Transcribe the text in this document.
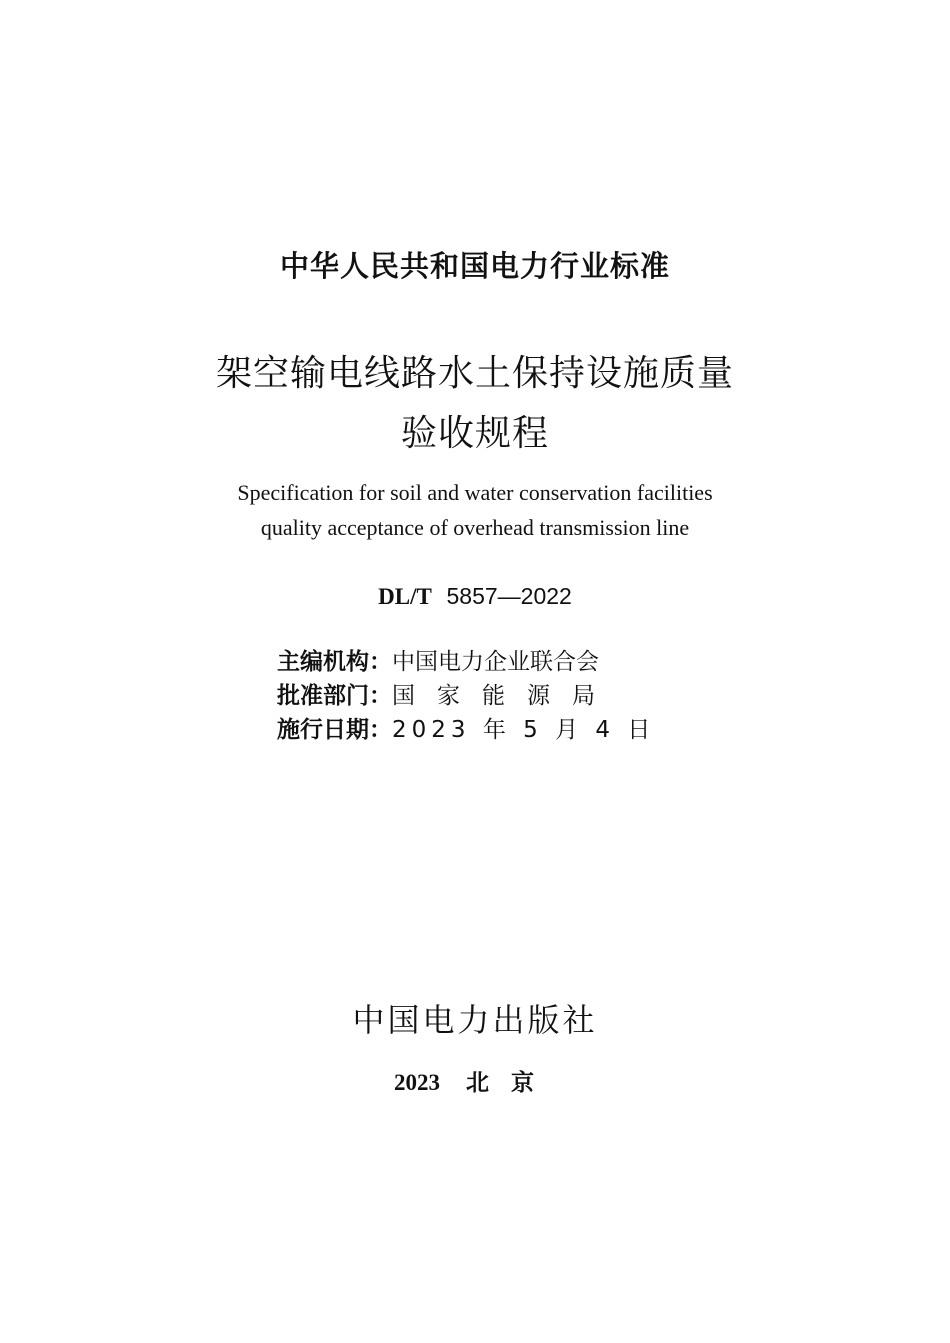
中华人民共和国电力行业标准
架空输电线路水土保持设施质量
验收规程
Specification for soil and water conservation facilities
quality acceptance of overhead transmission line
DL/T 5857—2022
主编机构：中国电力企业联合会
批准部门：国家能源局
施行日期：2023 年 5 月 4 日
中国电力出版社
2023 北京
